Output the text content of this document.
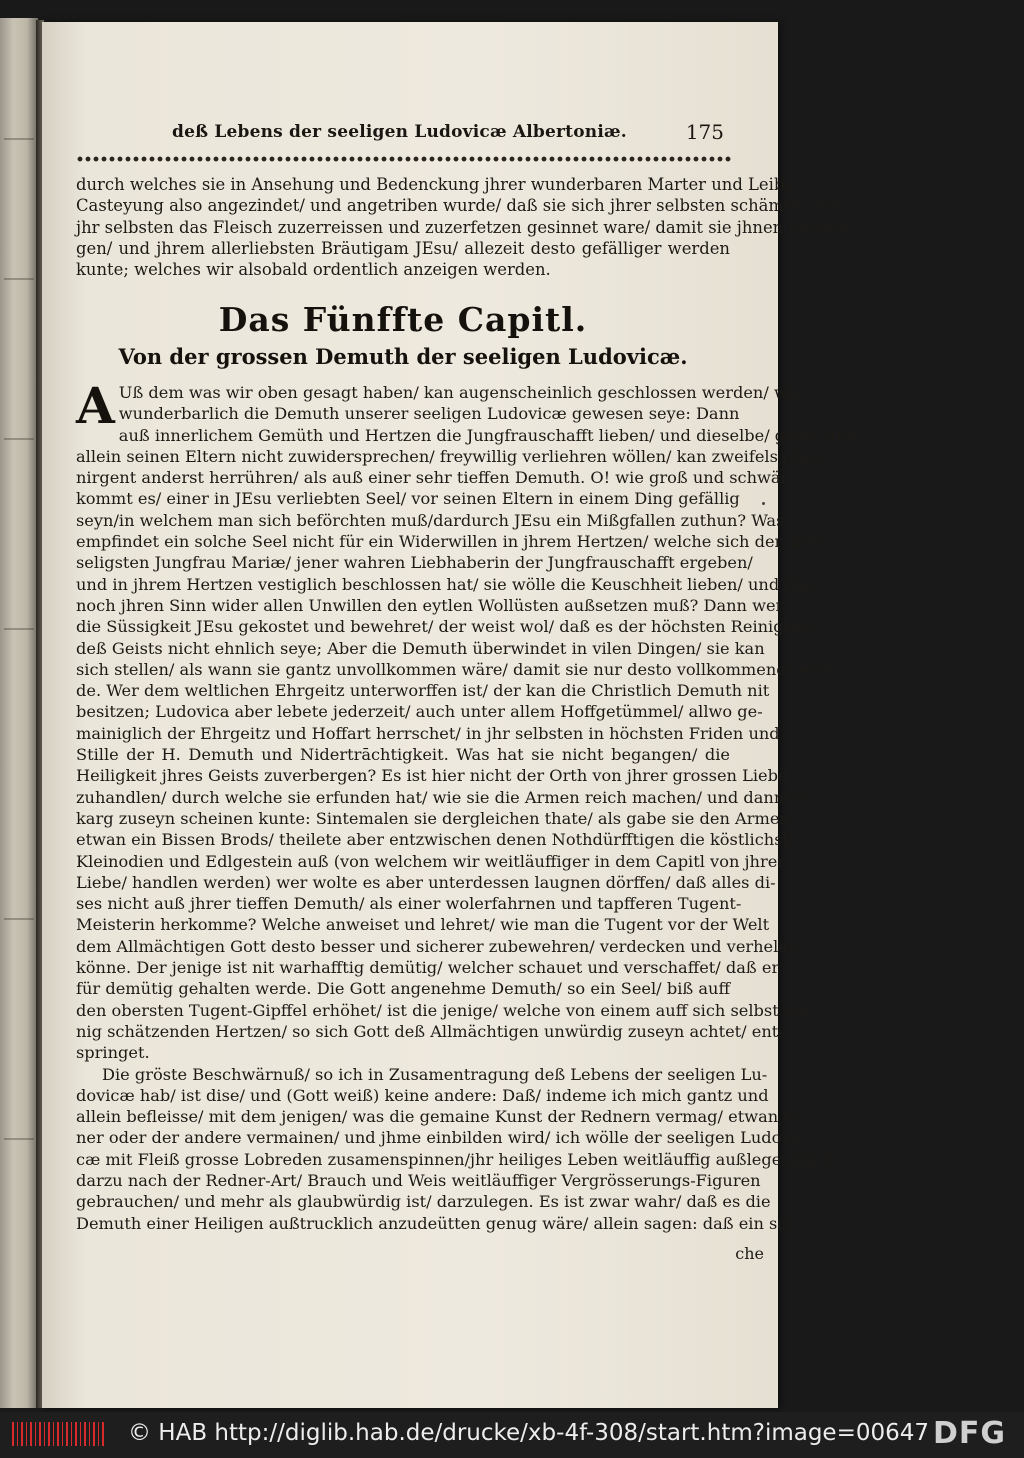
deß Lebens der seeligen Ludovicæ Albertoniæ.	175
durch welches sie in Ansehung und Bedenckung jhrer wunderbaren Marter und Leibs
Casteyung also angezindet/ und angetriben wurde/ daß sie sich jhrer selbsten schämte/ und
jhr selbsten das Fleisch zuzerreissen und zuzerfetzen gesinnet ware/ damit sie jhnen nachfol-
gen/ und jhrem allerliebsten Bräutigam JEsu/ allezeit desto gefälliger werden
kunte; welches wir alsobald ordentlich anzeigen werden.
Das Fünffte Capitl.
Von der grossen Demuth der seeligen Ludovicæ.
A Uß dem was wir oben gesagt haben/ kan augenscheinlich geschlossen werden/ wie
wunderbarlich die Demuth unserer seeligen Ludovicæ gewesen seye: Dann
auß innerlichem Gemüth und Hertzen die Jungfrauschafft lieben/ und dieselbe/ gantz und
allein seinen Eltern nicht zuwidersprechen/ freywillig verliehren wöllen/ kan zweifels ohne
nirgent anderst herrühren/ als auß einer sehr tieffen Demuth. O! wie groß und schwär
kommt es/ einer in JEsu verliebten Seel/ vor seinen Eltern in einem Ding gefällig
seyn/in welchem man sich beförchten muß/dardurch JEsu ein Mißgfallen zuthun? Was
empfindet ein solche Seel nicht für ein Widerwillen in jhrem Hertzen/ welche sich der aller-
seligsten Jungfrau Mariæ/ jener wahren Liebhaberin der Jungfrauschafft ergeben/
und in jhrem Hertzen vestiglich beschlossen hat/ sie wölle die Keuschheit lieben/ und dän-
noch jhren Sinn wider allen Unwillen den eytlen Wollüsten außsetzen muß? Dann wer
die Süssigkeit JEsu gekostet und bewehret/ der weist wol/ daß es der höchsten Reinigkeit
deß Geists nicht ehnlich seye; Aber die Demuth überwindet in vilen Dingen/ sie kan
sich stellen/ als wann sie gantz unvollkommen wäre/ damit sie nur desto vollkommener wer-
de. Wer dem weltlichen Ehrgeitz unterworffen ist/ der kan die Christlich Demuth nit
besitzen; Ludovica aber lebete jederzeit/ auch unter allem Hoffgetümmel/ allwo ge-
mainiglich der Ehrgeitz und Hoffart herrschet/ in jhr selbsten in höchsten Friden und
Stille der H. Demuth und Nidertrāchtigkeit. Was hat sie nicht begangen/ die
Heiligkeit jhres Geists zuverbergen? Es ist hier nicht der Orth von jhrer grossen Liebe
zuhandlen/ durch welche sie erfunden hat/ wie sie die Armen reich machen/ und dannoch
karg zuseyn scheinen kunte: Sintemalen sie dergleichen thate/ als gabe sie den Armen
etwan ein Bissen Brods/ theilete aber entzwischen denen Nothdürfftigen die köstlichste
Kleinodien und Edlgestein auß (von welchem wir weitläuffiger in dem Capitl von jhrer
Liebe/ handlen werden) wer wolte es aber unterdessen laugnen dörffen/ daß alles di-
ses nicht auß jhrer tieffen Demuth/ als einer wolerfahrnen und tapfferen Tugent-
Meisterin herkomme? Welche anweiset und lehret/ wie man die Tugent vor der Welt
dem Allmächtigen Gott desto besser und sicherer zubewehren/ verdecken und verhelen
könne. Der jenige ist nit warhafftig demütig/ welcher schauet und verschaffet/ daß er
für demütig gehalten werde. Die Gott angenehme Demuth/ so ein Seel/ biß auff
den obersten Tugent-Gipffel erhöhet/ ist die jenige/ welche von einem auff sich selbst we-
nig schätzenden Hertzen/ so sich Gott deß Allmächtigen unwürdig zuseyn achtet/ ent-
springet.
Die gröste Beschwärnuß/ so ich in Zusamentragung deß Lebens der seeligen Lu-
dovicæ hab/ ist dise/ und (Gott weiß) keine andere: Daß/ indeme ich mich gantz und
allein befleisse/ mit dem jenigen/ was die gemaine Kunst der Rednern vermag/ etwan ei-
ner oder der andere vermainen/ und jhme einbilden wird/ ich wölle der seeligen Ludovi-
cæ mit Fleiß grosse Lobreden zusamenspinnen/jhr heiliges Leben weitläuffig außlegen/mich
darzu nach der Redner-Art/ Brauch und Weis weitläuffiger Vergrösserungs-Figuren
gebrauchen/ und mehr als glaubwürdig ist/ darzulegen. Es ist zwar wahr/ daß es die
Demuth einer Heiligen außtrucklich anzudeütten genug wäre/ allein sagen: daß ein sol-
che
© HAB http://diglib.hab.de/drucke/xb-4f-308/start.htm?image=00647 DFG
